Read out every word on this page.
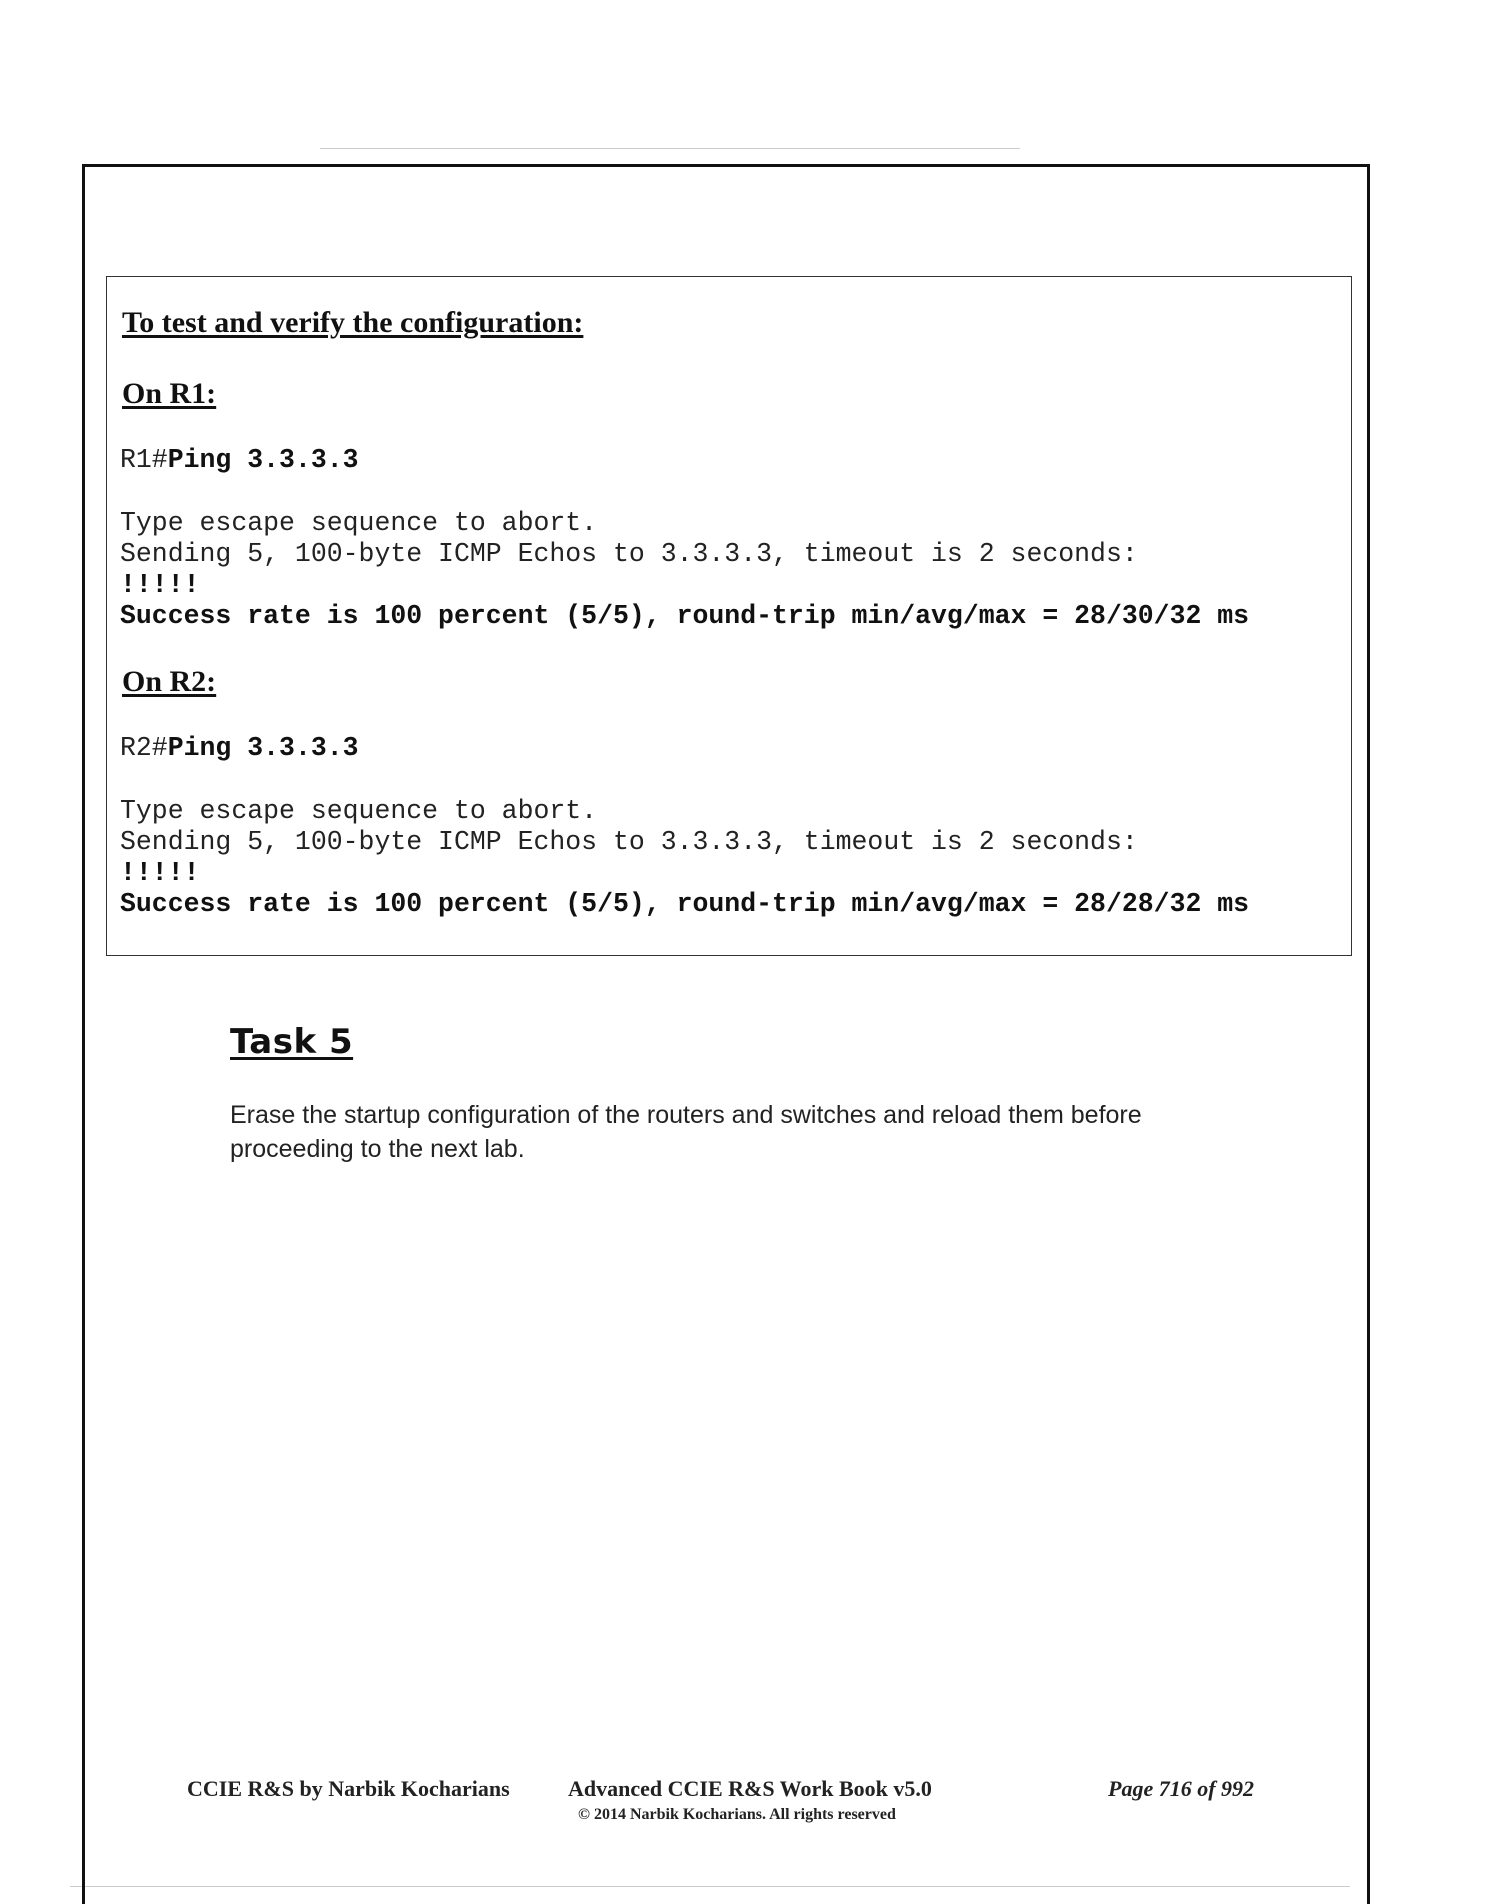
To test and verify the configuration:
On R1:
R1#Ping 3.3.3.3
Type escape sequence to abort.
Sending 5, 100-byte ICMP Echos to 3.3.3.3, timeout is 2 seconds:
!!!!!
Success rate is 100 percent (5/5), round-trip min/avg/max = 28/30/32 ms
On R2:
R2#Ping 3.3.3.3
Type escape sequence to abort.
Sending 5, 100-byte ICMP Echos to 3.3.3.3, timeout is 2 seconds:
!!!!!
Success rate is 100 percent (5/5), round-trip min/avg/max = 28/28/32 ms
Task 5
Erase the startup configuration of the routers and switches and reload them before proceeding to the next lab.
CCIE R&S by Narbik Kocharians	Advanced CCIE R&S Work Book v5.0
© 2014 Narbik Kocharians. All rights reserved
Page 716 of 992
